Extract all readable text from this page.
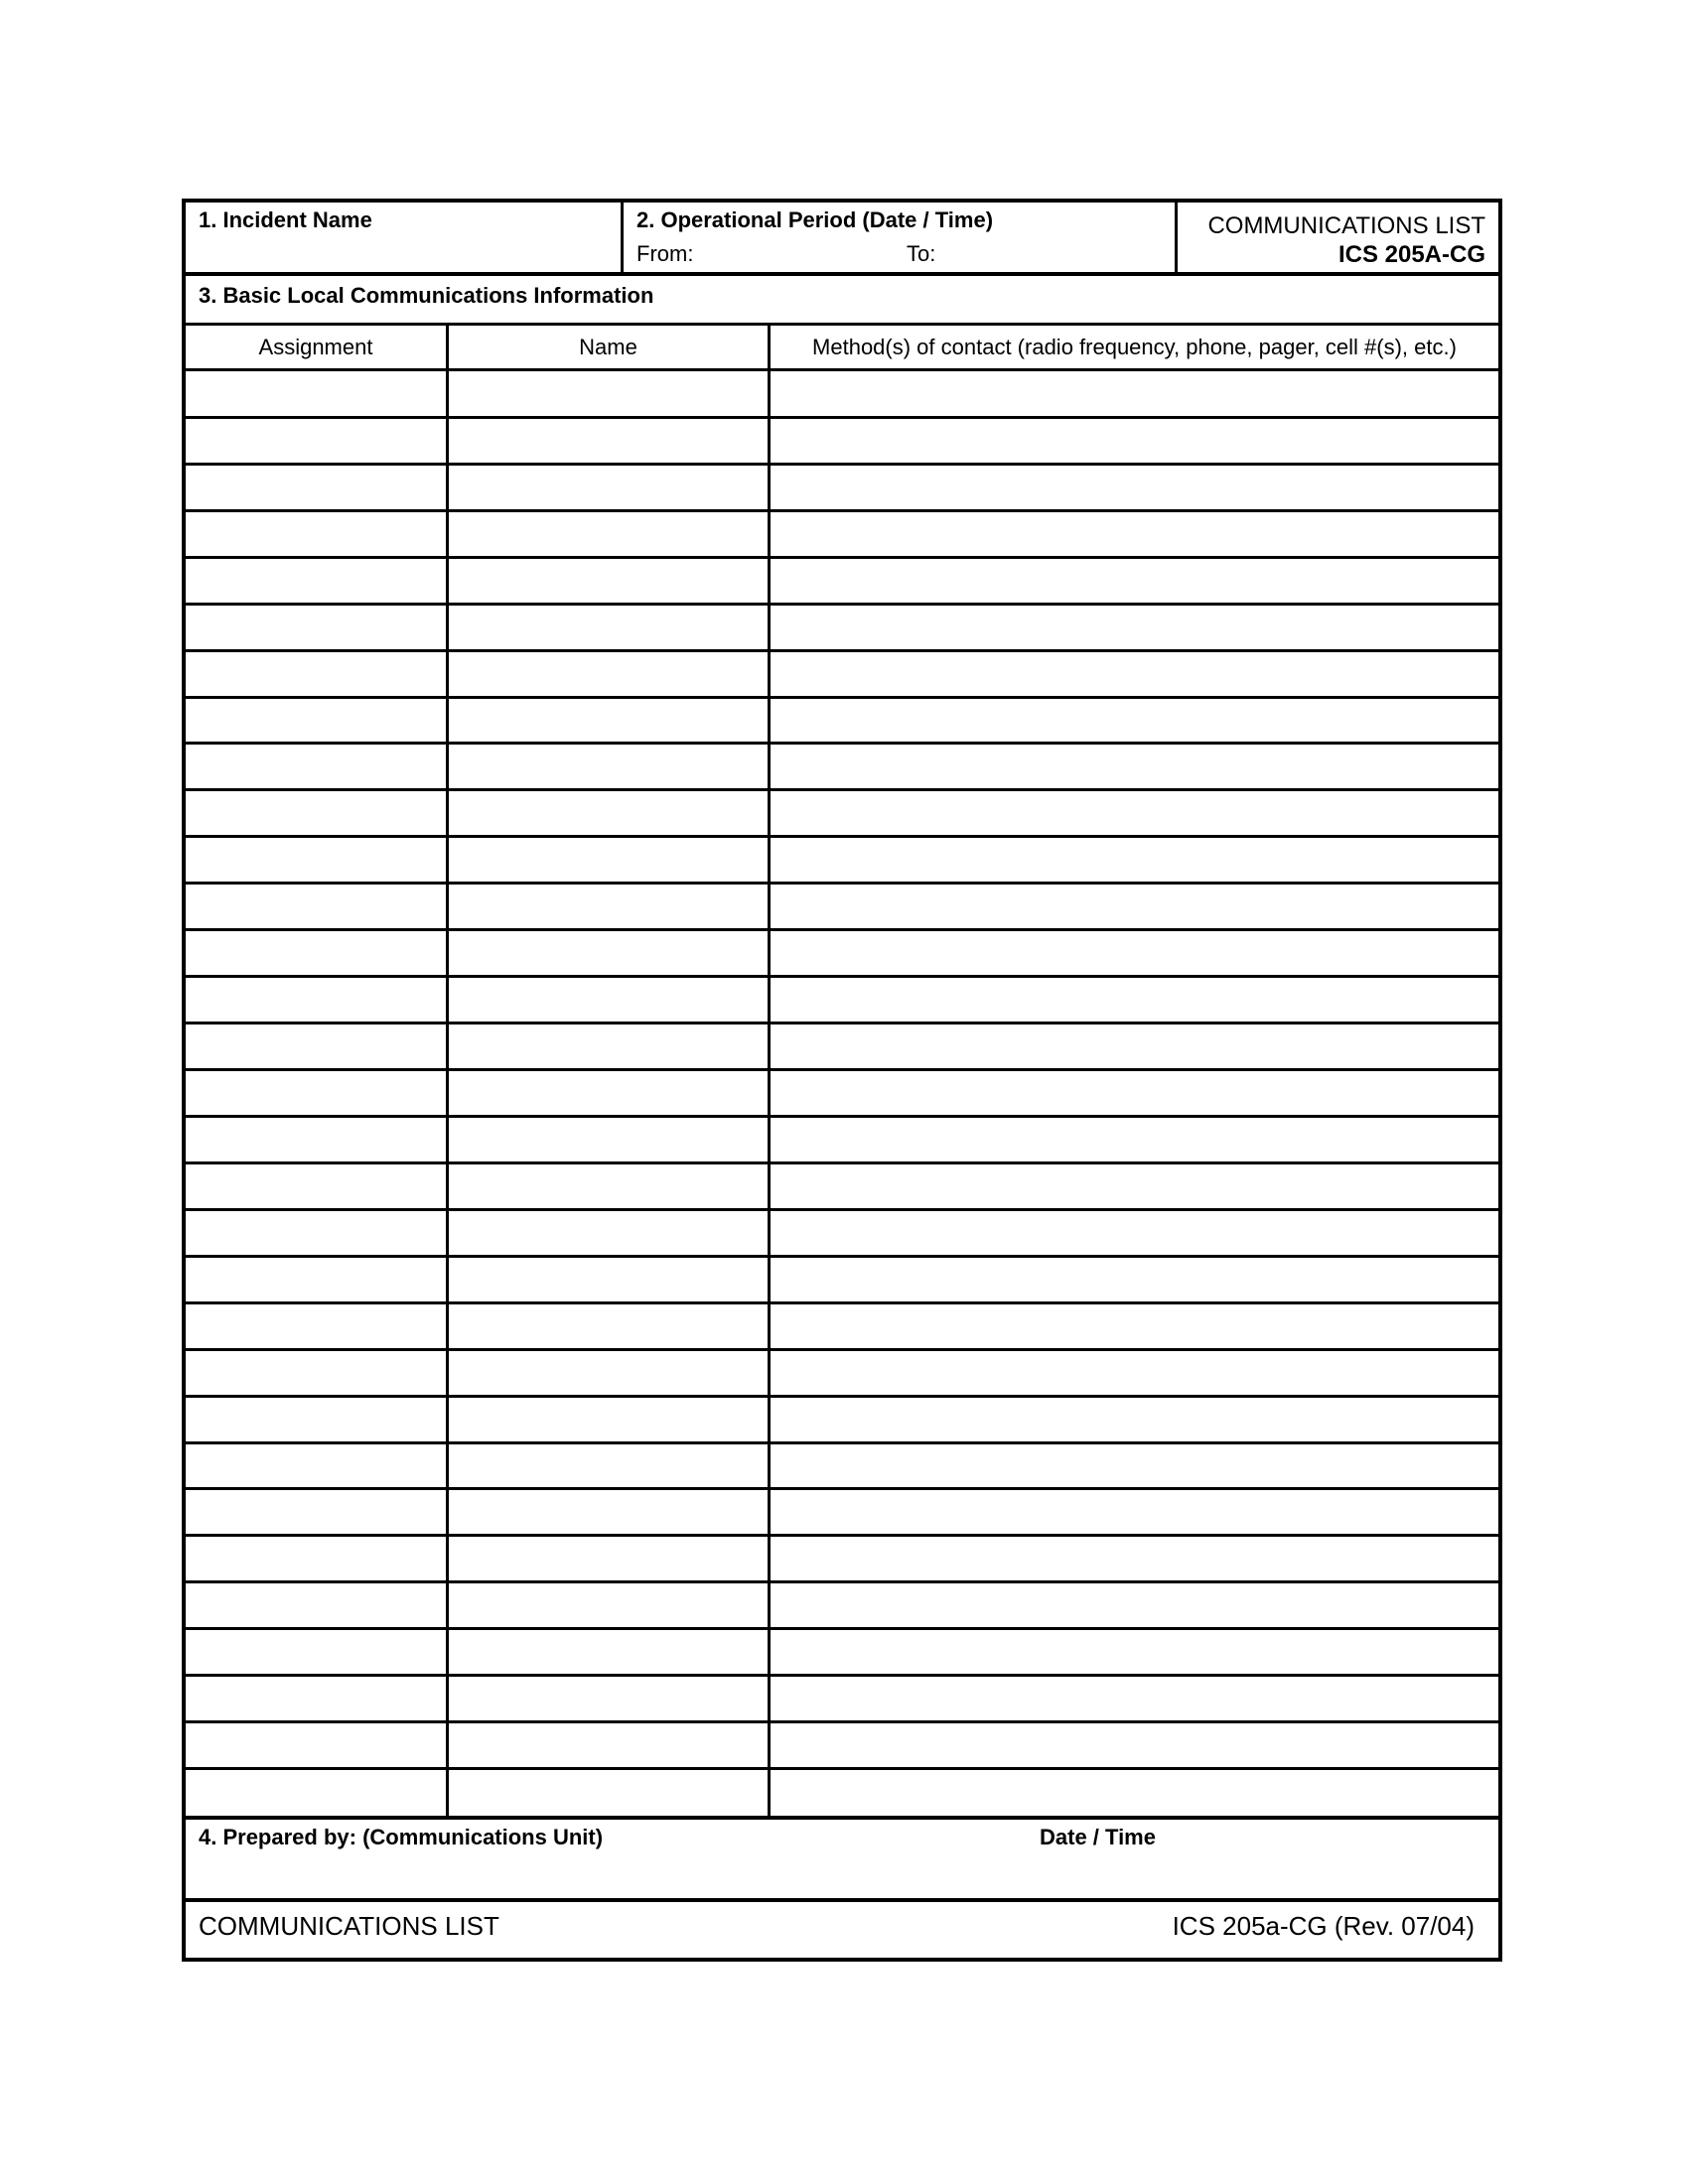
1. Incident Name	2. Operational Period (Date / Time)
From:	To:
COMMUNICATIONS LIST
ICS 205A-CG
3. Basic Local Communications Information
Assignment	Name	Method(s) of contact (radio frequency, phone, pager, cell #(s), etc.)
4. Prepared by: (Communications Unit)	Date / Time
COMMUNICATIONS LIST	ICS 205a-CG (Rev. 07/04)
